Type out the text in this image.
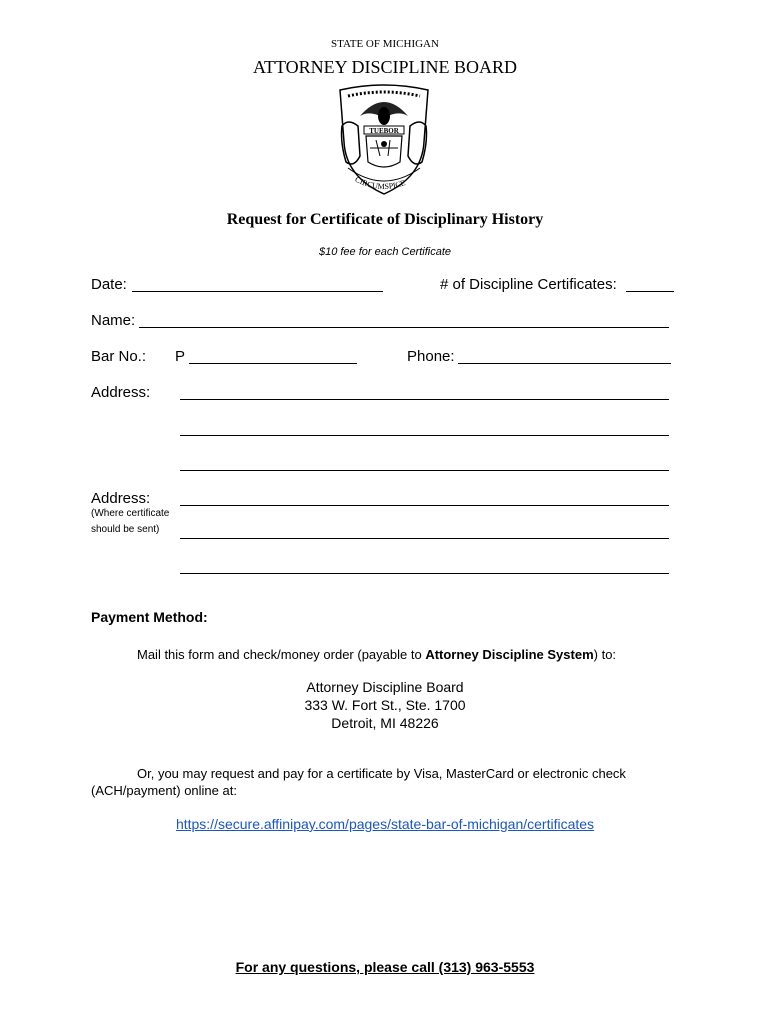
STATE OF MICHIGAN
ATTORNEY DISCIPLINE BOARD
TUEBOR
CIRCUMSPICE
Request for Certificate of Disciplinary History
$10 fee for each Certificate
Date:	# of Discipline Certificates:
Name:
Bar No.: P	Phone:
Address:
Address:
(Where certificate
should be sent)
Payment Method:
Mail this form and check/money order (payable to Attorney Discipline System) to:
Attorney Discipline Board
333 W. Fort St., Ste. 1700
Detroit, MI 48226
Or, you may request and pay for a certificate by Visa, MasterCard or electronic check
(ACH/payment) online at:
https://secure.affinipay.com/pages/state-bar-of-michigan/certificates
For any questions, please call (313) 963-5553
